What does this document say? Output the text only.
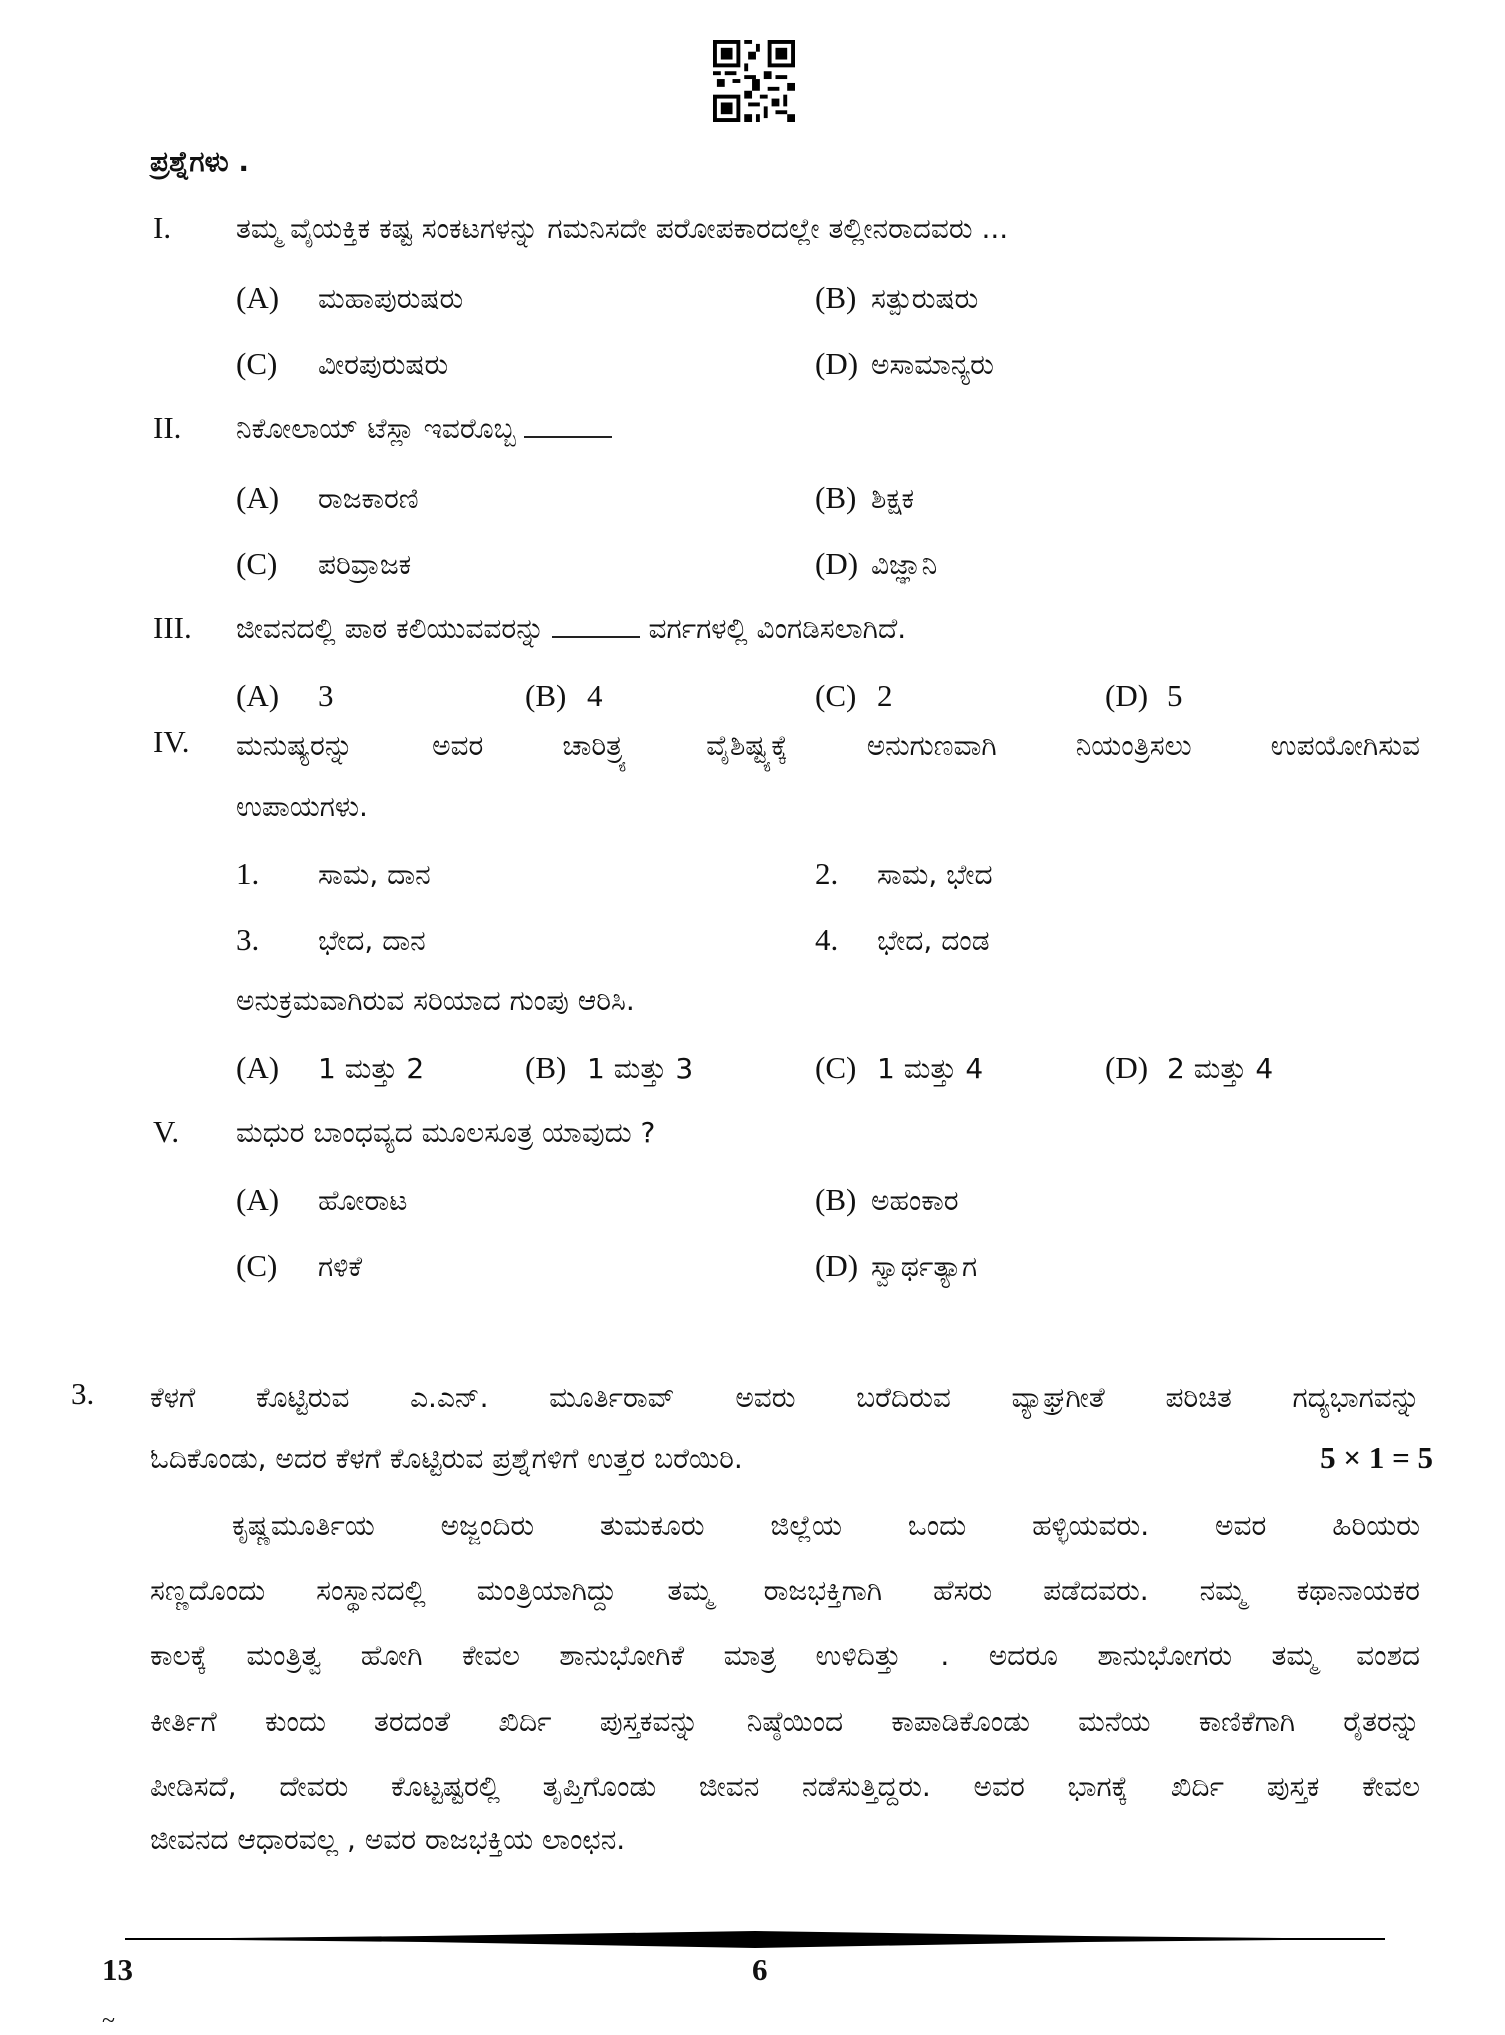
ಪ್ರಶ್ನೆಗಳು .
I. ತಮ್ಮ ವೈಯಕ್ತಿಕ ಕಷ್ಟ ಸಂಕಟಗಳನ್ನು ಗಮನಿಸದೇ ಪರೋಪಕಾರದಲ್ಲೇ ತಲ್ಲೀನರಾದವರು ...
(A) ಮಹಾಪುರುಷರು	(B) ಸತ್ಪುರುಷರು
(C) ವೀರಪುರುಷರು	(D) ಅಸಾಮಾನ್ಯರು
II. ನಿಕೋಲಾಯ್ ಟೆಸ್ಲಾ ಇವರೊಬ್ಬ
(A) ರಾಜಕಾರಣಿ	(B) ಶಿಕ್ಷಕ
(C) ಪರಿವ್ರಾಜಕ	(D) ವಿಜ್ಞಾನಿ
III. ಜೀವನದಲ್ಲಿ ಪಾಠ ಕಲಿಯುವವರನ್ನು	ವರ್ಗಗಳಲ್ಲಿ ವಿಂಗಡಿಸಲಾಗಿದೆ.
(A) 3	(B) 4	(C) 2	(D) 5
IV. ಮನುಷ್ಯರನ್ನು ಅವರ ಚಾರಿತ್ರ್ಯ ವೈಶಿಷ್ಟ್ಯಕ್ಕೆ ಅನುಗುಣವಾಗಿ ನಿಯಂತ್ರಿಸಲು ಉಪಯೋಗಿಸುವ
ಉಪಾಯಗಳು.
1. ಸಾಮ, ದಾನ	2. ಸಾಮ, ಭೇದ
3. ಭೇದ, ದಾನ	4. ಭೇದ, ದಂಡ
ಅನುಕ್ರಮವಾಗಿರುವ ಸರಿಯಾದ ಗುಂಪು ಆರಿಸಿ.
(A) 1 ಮತ್ತು 2	(B) 1 ಮತ್ತು 3	(C) 1 ಮತ್ತು 4	(D) 2 ಮತ್ತು 4
V. ಮಧುರ ಬಾಂಧವ್ಯದ ಮೂಲಸೂತ್ರ ಯಾವುದು ?
(A) ಹೋರಾಟ	(B) ಅಹಂಕಾರ
(C) ಗಳಿಕೆ	(D) ಸ್ವಾರ್ಥತ್ಯಾಗ
3. ಕೆಳಗೆ ಕೊಟ್ಟಿರುವ ಎ.ಎನ್. ಮೂರ್ತಿರಾವ್ ಅವರು ಬರೆದಿರುವ ವ್ಯಾಘ್ರಗೀತೆ ಪರಿಚಿತ ಗದ್ಯಭಾಗವನ್ನು
ಓದಿಕೊಂಡು, ಅದರ ಕೆಳಗೆ ಕೊಟ್ಟಿರುವ ಪ್ರಶ್ನೆಗಳಿಗೆ ಉತ್ತರ ಬರೆಯಿರಿ.	5 × 1 = 5
ಕೃಷ್ಣಮೂರ್ತಿಯ ಅಜ್ಜಂದಿರು ತುಮಕೂರು ಜಿಲ್ಲೆಯ ಒಂದು ಹಳ್ಳಿಯವರು. ಅವರ ಹಿರಿಯರು
ಸಣ್ಣದೊಂದು ಸಂಸ್ಥಾನದಲ್ಲಿ ಮಂತ್ರಿಯಾಗಿದ್ದು ತಮ್ಮ ರಾಜಭಕ್ತಿಗಾಗಿ ಹೆಸರು ಪಡೆದವರು. ನಮ್ಮ ಕಥಾನಾಯಕರ
ಕಾಲಕ್ಕೆ ಮಂತ್ರಿತ್ವ ಹೋಗಿ ಕೇವಲ ಶಾನುಭೋಗಿಕೆ ಮಾತ್ರ ಉಳಿದಿತ್ತು . ಅದರೂ ಶಾನುಭೋಗರು ತಮ್ಮ ವಂಶದ
ಕೀರ್ತಿಗೆ ಕುಂದು ತರದಂತೆ ಖಿರ್ದಿ ಪುಸ್ತಕವನ್ನು ನಿಷ್ಠೆಯಿಂದ ಕಾಪಾಡಿಕೊಂಡು ಮನೆಯ ಕಾಣಿಕೆಗಾಗಿ ರೈತರನ್ನು
ಪೀಡಿಸದೆ, ದೇವರು ಕೊಟ್ಟಷ್ಟರಲ್ಲಿ ತೃಪ್ತಿಗೊಂಡು ಜೀವನ ನಡೆಸುತ್ತಿದ್ದರು. ಅವರ ಭಾಗಕ್ಕೆ ಖಿರ್ದಿ ಪುಸ್ತಕ ಕೇವಲ
ಜೀವನದ ಆಧಾರವಲ್ಲ , ಅವರ ರಾಜಭಕ್ತಿಯ ಲಾಂಛನ.
13	6
~
